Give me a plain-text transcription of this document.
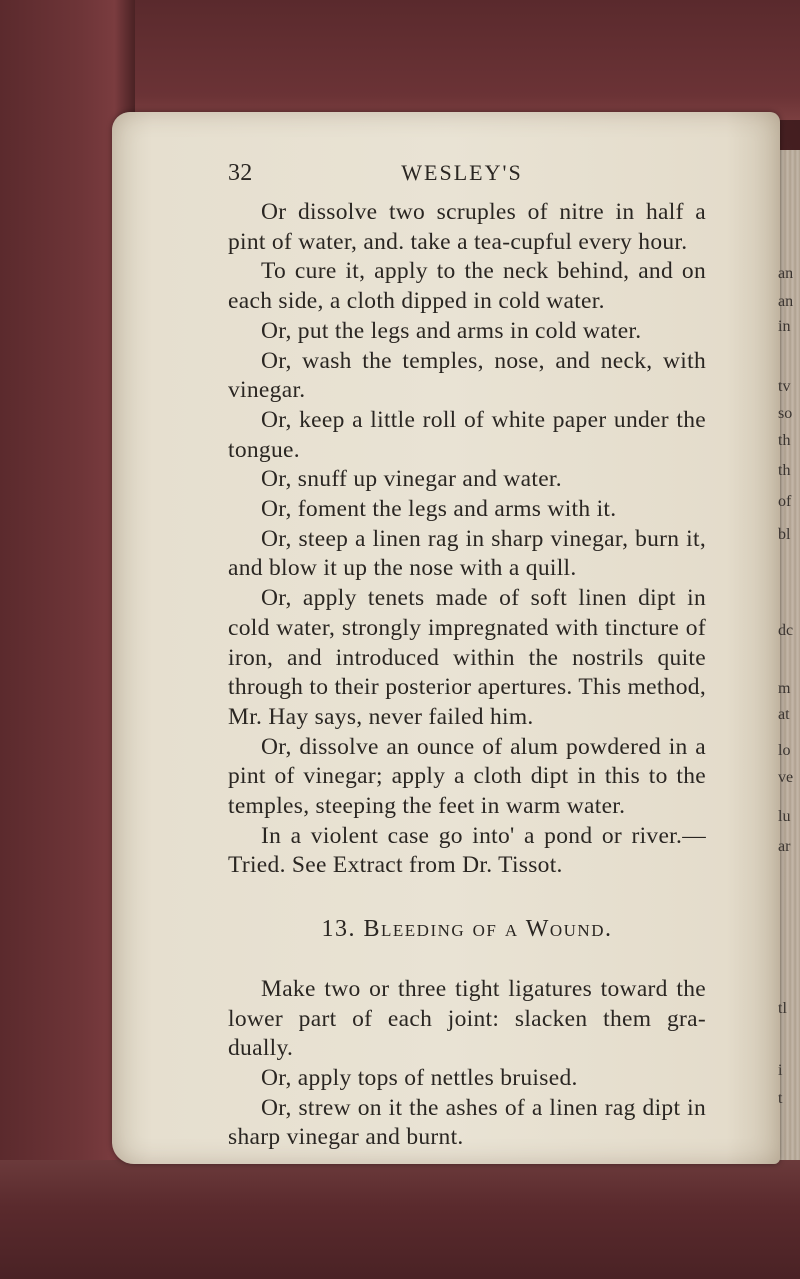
an
an
in
tv
so
th
th
of
bl
dc
m
at
lo
ve
lu
ar
tl
i
t
32	WESLEY'S

Or dissolve two scruples of nitre in half a pint of water, and. take a tea-cupful every hour.

To cure it, apply to the neck behind, and on each side, a cloth dipped in cold water.

Or, put the legs and arms in cold water.

Or, wash the temples, nose, and neck, with vinegar.

Or, keep a little roll of white paper under the tongue.

Or, snuff up vinegar and water.

Or, foment the legs and arms with it.

Or, steep a linen rag in sharp vinegar, burn it, and blow it up the nose with a quill.

Or, apply tenets made of soft linen dipt in cold water, strongly impregnated with tincture of iron, and introduced within the nostrils quite through to their posterior apertures. This method, Mr. Hay says, never failed him.

Or, dissolve an ounce of alum powdered in a pint of vinegar; apply a cloth dipt in this to the temples, steeping the feet in warm water.

In a violent case go into' a pond or river.— Tried. See Extract from Dr. Tissot.

13. Bleeding of a Wound.

Make two or three tight ligatures toward the lower part of each joint: slacken them gra- dually.

Or, apply tops of nettles bruised.

Or, strew on it the ashes of a linen rag dipt in sharp vinegar and burnt.
